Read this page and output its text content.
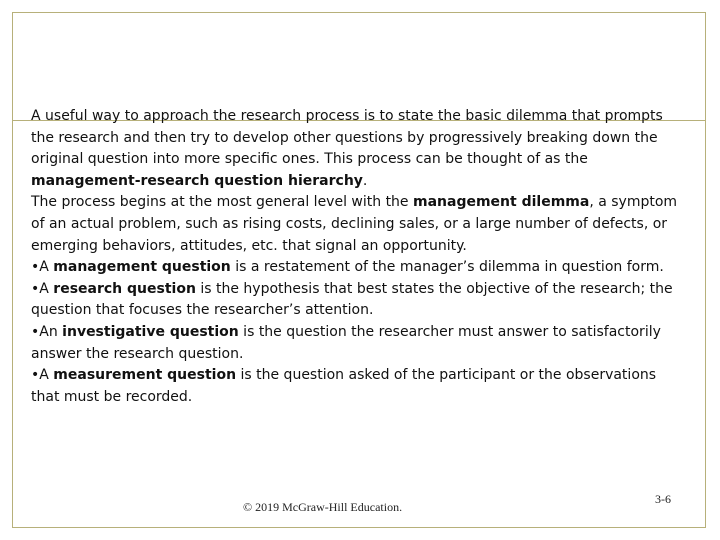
A useful way to approach the research process is to state the basic dilemma that prompts the research and then try to develop other questions by progressively breaking down the original question into more specific ones. This process can be thought of as the management-research question hierarchy.

The process begins at the most general level with the management dilemma, a symptom of an actual problem, such as rising costs, declining sales, or a large number of defects, or emerging behaviors, attitudes, etc. that signal an opportunity.

•A management question is a restatement of the manager’s dilemma in question form.

•A research question is the hypothesis that best states the objective of the research; the question that focuses the researcher’s attention.

•An investigative question is the question the researcher must answer to satisfactorily answer the research question.

•A measurement question is the question asked of the participant or the observations that must be recorded.

© 2019 McGraw-Hill Education.
3-6
